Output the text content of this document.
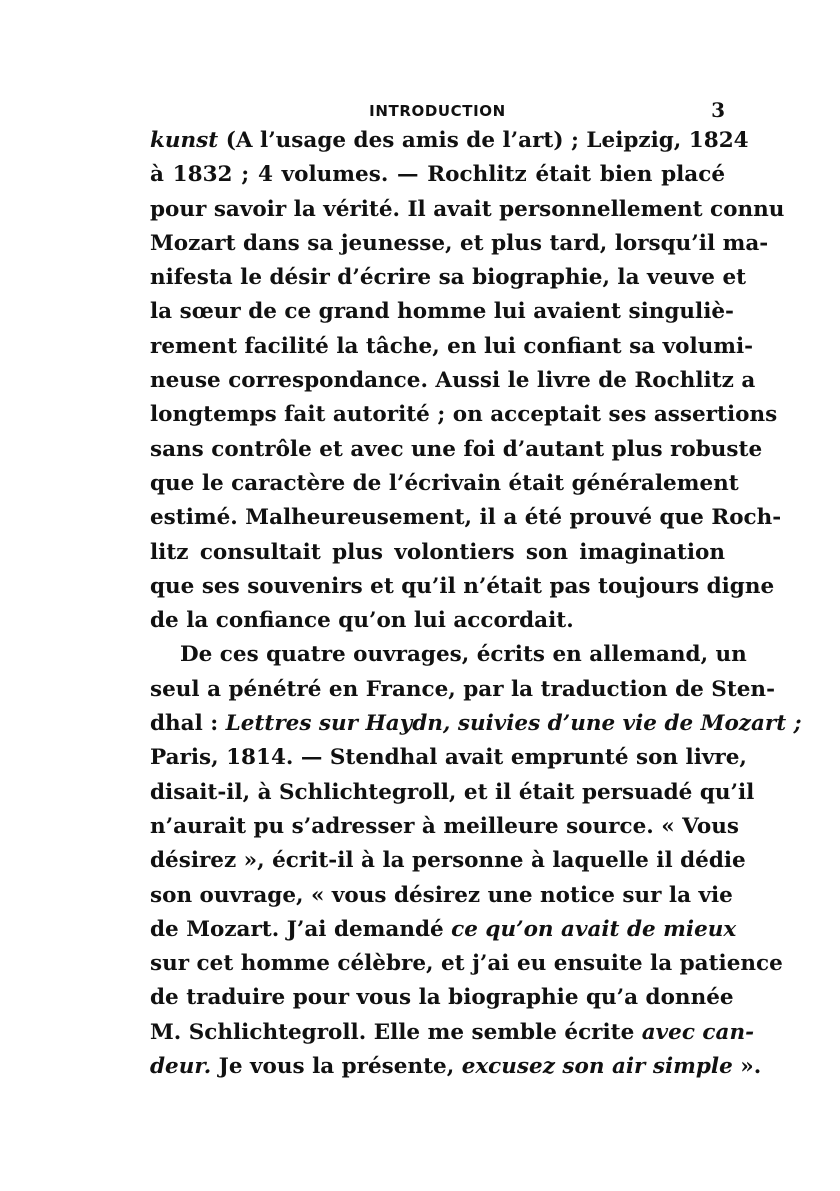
INTRODUCTION	3
kunst (A l’usage des amis de l’art) ; Leipzig, 1824
à 1832 ; 4 volumes. — Rochlitz était bien placé
pour savoir la vérité. Il avait personnellement connu
Mozart dans sa jeunesse, et plus tard, lorsqu’il ma-
nifesta le désir d’écrire sa biographie, la veuve et
la sœur de ce grand homme lui avaient singuliè-
rement facilité la tâche, en lui confiant sa volumi-
neuse correspondance. Aussi le livre de Rochlitz a
longtemps fait autorité ; on acceptait ses assertions
sans contrôle et avec une foi d’autant plus robuste
que le caractère de l’écrivain était généralement
estimé. Malheureusement, il a été prouvé que Roch-
litz consultait plus volontiers son imagination
que ses souvenirs et qu’il n’était pas toujours digne
de la confiance qu’on lui accordait.
De ces quatre ouvrages, écrits en allemand, un
seul a pénétré en France, par la traduction de Sten-
dhal : Lettres sur Haydn, suivies d’une vie de Mozart ;
Paris, 1814. — Stendhal avait emprunté son livre,
disait-il, à Schlichtegroll, et il était persuadé qu’il
n’aurait pu s’adresser à meilleure source. « Vous
désirez », écrit-il à la personne à laquelle il dédie
son ouvrage, « vous désirez une notice sur la vie
de Mozart. J’ai demandé ce qu’on avait de mieux
sur cet homme célèbre, et j’ai eu ensuite la patience
de traduire pour vous la biographie qu’a donnée
M. Schlichtegroll. Elle me semble écrite avec can-
deur. Je vous la présente, excusez son air simple ».
